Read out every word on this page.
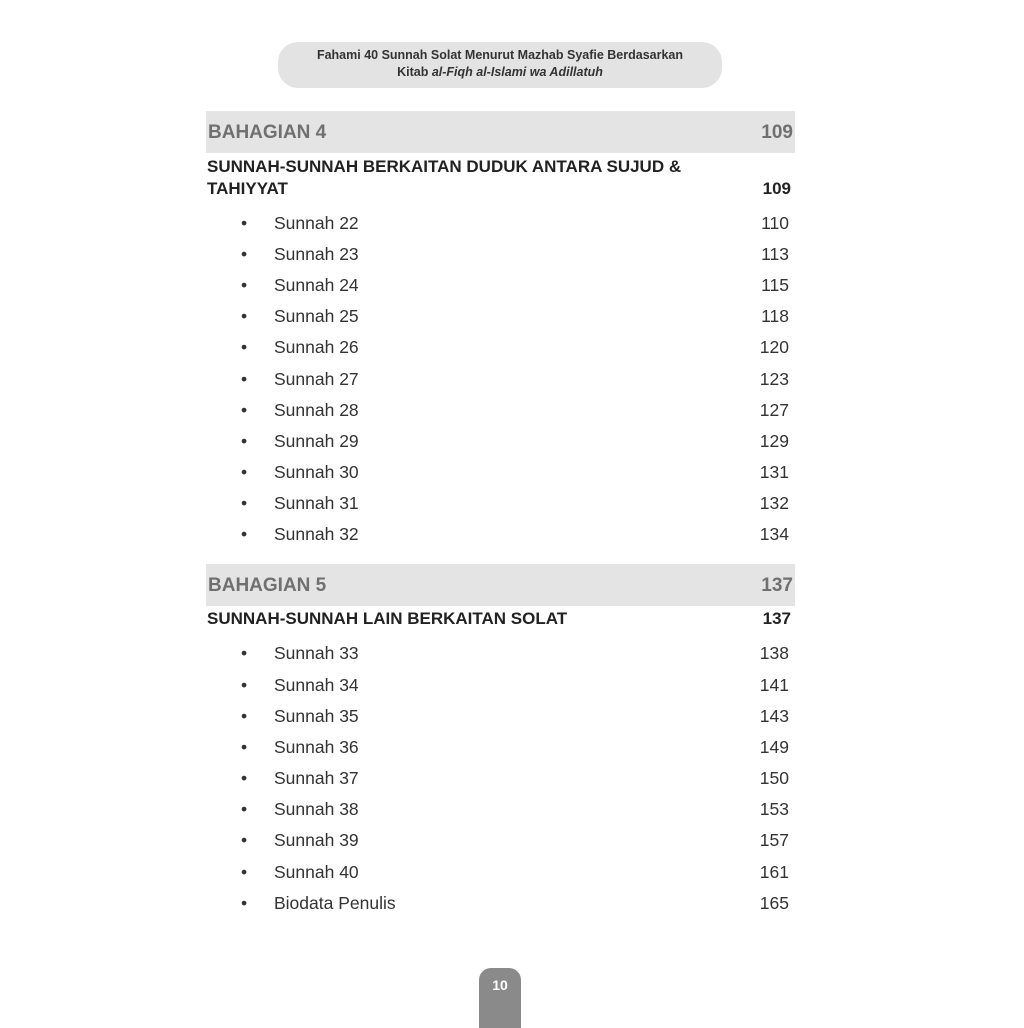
Fahami 40 Sunnah Solat Menurut Mazhab Syafie Berdasarkan
Kitab al-Fiqh al-Islami wa Adillatuh
BAHAGIAN 4	109
SUNNAH-SUNNAH BERKAITAN DUDUK ANTARA SUJUD & TAHIYYAT	109
• Sunnah 22	110
• Sunnah 23	113
• Sunnah 24	115
• Sunnah 25	118
• Sunnah 26	120
• Sunnah 27	123
• Sunnah 28	127
• Sunnah 29	129
• Sunnah 30	131
• Sunnah 31	132
• Sunnah 32	134
BAHAGIAN 5	137
SUNNAH-SUNNAH LAIN BERKAITAN SOLAT	137
• Sunnah 33	138
• Sunnah 34	141
• Sunnah 35	143
• Sunnah 36	149
• Sunnah 37	150
• Sunnah 38	153
• Sunnah 39	157
• Sunnah 40	161
• Biodata Penulis	165
10
